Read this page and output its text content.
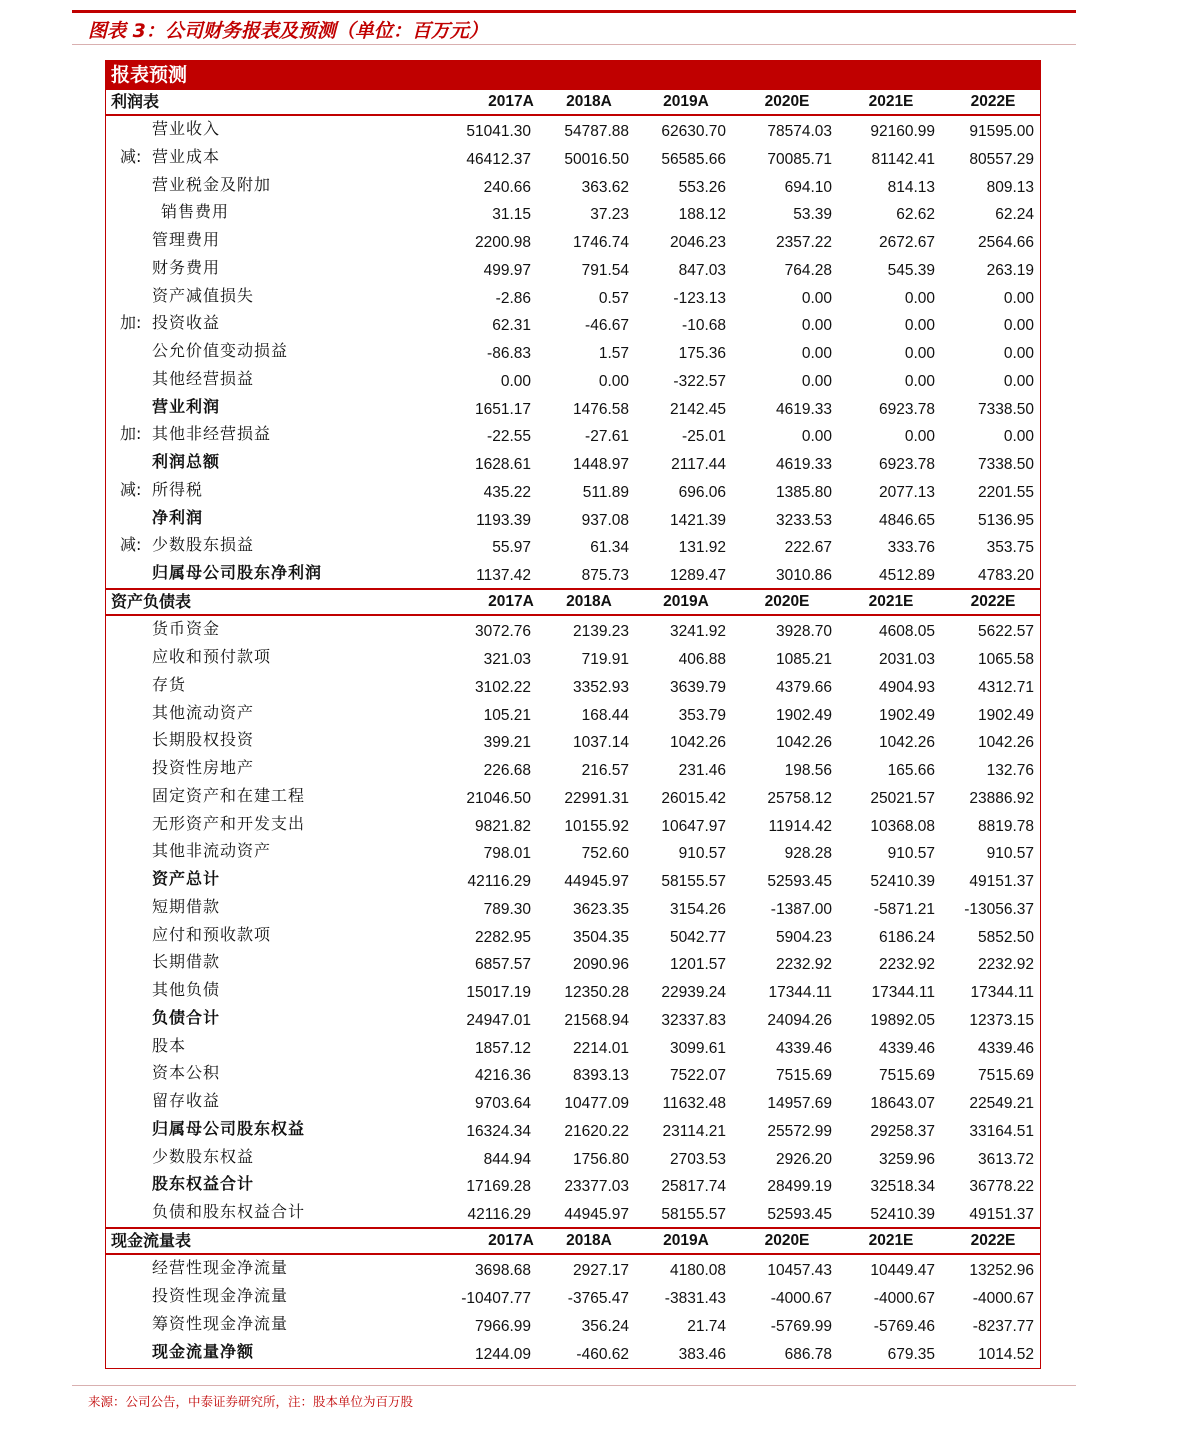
图表 3：公司财务报表及预测（单位：百万元）
报表预测
利润表	2017A	2018A	2019A	2020E	2021E	2022E
营业收入	51041.30	54787.88	62630.70	78574.03	92160.99	91595.00
减: 营业成本	46412.37	50016.50	56585.66	70085.71	81142.41	80557.29
营业税金及附加	240.66	363.62	553.26	694.10	814.13	809.13
销售费用	31.15	37.23	188.12	53.39	62.62	62.24
管理费用	2200.98	1746.74	2046.23	2357.22	2672.67	2564.66
财务费用	499.97	791.54	847.03	764.28	545.39	263.19
资产减值损失	-2.86	0.57	-123.13	0.00	0.00	0.00
加: 投资收益	62.31	-46.67	-10.68	0.00	0.00	0.00
公允价值变动损益	-86.83	1.57	175.36	0.00	0.00	0.00
其他经营损益	0.00	0.00	-322.57	0.00	0.00	0.00
营业利润	1651.17	1476.58	2142.45	4619.33	6923.78	7338.50
加: 其他非经营损益	-22.55	-27.61	-25.01	0.00	0.00	0.00
利润总额	1628.61	1448.97	2117.44	4619.33	6923.78	7338.50
减: 所得税	435.22	511.89	696.06	1385.80	2077.13	2201.55
净利润	1193.39	937.08	1421.39	3233.53	4846.65	5136.95
减: 少数股东损益	55.97	61.34	131.92	222.67	333.76	353.75
归属母公司股东净利润	1137.42	875.73	1289.47	3010.86	4512.89	4783.20
资产负债表	2017A	2018A	2019A	2020E	2021E	2022E
货币资金	3072.76	2139.23	3241.92	3928.70	4608.05	5622.57
应收和预付款项	321.03	719.91	406.88	1085.21	2031.03	1065.58
存货	3102.22	3352.93	3639.79	4379.66	4904.93	4312.71
其他流动资产	105.21	168.44	353.79	1902.49	1902.49	1902.49
长期股权投资	399.21	1037.14	1042.26	1042.26	1042.26	1042.26
投资性房地产	226.68	216.57	231.46	198.56	165.66	132.76
固定资产和在建工程	21046.50	22991.31	26015.42	25758.12	25021.57	23886.92
无形资产和开发支出	9821.82	10155.92	10647.97	11914.42	10368.08	8819.78
其他非流动资产	798.01	752.60	910.57	928.28	910.57	910.57
资产总计	42116.29	44945.97	58155.57	52593.45	52410.39	49151.37
短期借款	789.30	3623.35	3154.26	-1387.00	-5871.21	-13056.37
应付和预收款项	2282.95	3504.35	5042.77	5904.23	6186.24	5852.50
长期借款	6857.57	2090.96	1201.57	2232.92	2232.92	2232.92
其他负债	15017.19	12350.28	22939.24	17344.11	17344.11	17344.11
负债合计	24947.01	21568.94	32337.83	24094.26	19892.05	12373.15
股本	1857.12	2214.01	3099.61	4339.46	4339.46	4339.46
资本公积	4216.36	8393.13	7522.07	7515.69	7515.69	7515.69
留存收益	9703.64	10477.09	11632.48	14957.69	18643.07	22549.21
归属母公司股东权益	16324.34	21620.22	23114.21	25572.99	29258.37	33164.51
少数股东权益	844.94	1756.80	2703.53	2926.20	3259.96	3613.72
股东权益合计	17169.28	23377.03	25817.74	28499.19	32518.34	36778.22
负债和股东权益合计	42116.29	44945.97	58155.57	52593.45	52410.39	49151.37
现金流量表	2017A	2018A	2019A	2020E	2021E	2022E
经营性现金净流量	3698.68	2927.17	4180.08	10457.43	10449.47	13252.96
投资性现金净流量	-10407.77	-3765.47	-3831.43	-4000.67	-4000.67	-4000.67
筹资性现金净流量	7966.99	356.24	21.74	-5769.99	-5769.46	-8237.77
现金流量净额	1244.09	-460.62	383.46	686.78	679.35	1014.52
来源：公司公告，中泰证券研究所，注：股本单位为百万股
